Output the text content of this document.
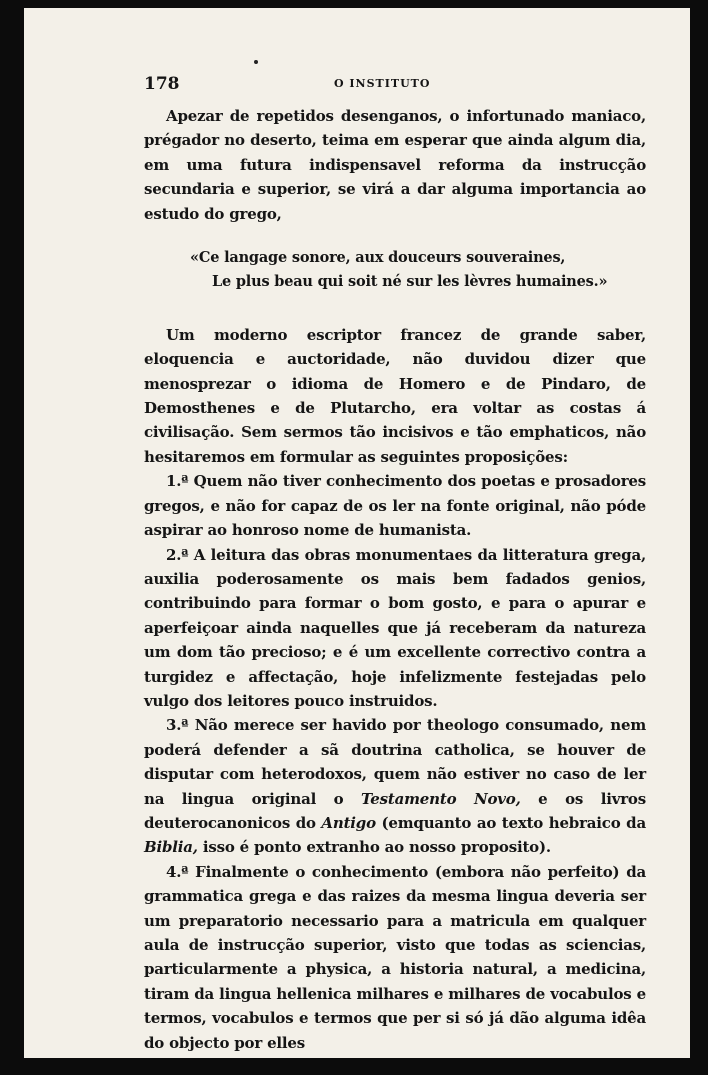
178	O INSTITUTO

Apezar de repetidos desenganos, o infortunado maniaco, prégador no deserto, teima em esperar que ainda algum dia, em uma futura indispensavel reforma da instrucção secundaria e superior, se virá a dar alguma importancia ao estudo do grego,

«Ce langage sonore, aux douceurs souveraines,

Le plus beau qui soit né sur les lèvres humaines.»

Um moderno escriptor francez de grande saber, eloquencia e auctoridade, não duvidou dizer que menosprezar o idioma de Homero e de Pindaro, de Demosthenes e de Plutarcho, era voltar as costas á civilisação. Sem sermos tão incisivos e tão emphaticos, não hesitaremos em formular as seguintes proposições:

1.ª Quem não tiver conhecimento dos poetas e prosadores gregos, e não for capaz de os ler na fonte original, não póde aspirar ao honroso nome de humanista.

2.ª A leitura das obras monumentaes da litteratura grega, auxilia poderosamente os mais bem fadados genios, contribuindo para formar o bom gosto, e para o apurar e aperfeiçoar ainda naquelles que já receberam da natureza um dom tão precioso; e é um excellente correctivo contra a turgidez e affectação, hoje infelizmente festejadas pelo vulgo dos leitores pouco instruidos.

3.ª Não merece ser havido por theologo consumado, nem poderá defender a sã doutrina catholica, se houver de disputar com heterodoxos, quem não estiver no caso de ler na lingua original o Testamento Novo, e os livros deuterocanonicos do Antigo (emquanto ao texto hebraico da Biblia, isso é ponto extranho ao nosso proposito).

4.ª Finalmente o conhecimento (embora não perfeito) da grammatica grega e das raizes da mesma lingua deveria ser um preparatorio necessario para a matricula em qualquer aula de instrucção superior, visto que todas as sciencias, particularmente a physica, a historia natural, a medicina, tiram da lingua hellenica milhares e milhares de vocabulos e termos, vocabulos e termos que per si só já dão alguma idêa do objecto por elles
